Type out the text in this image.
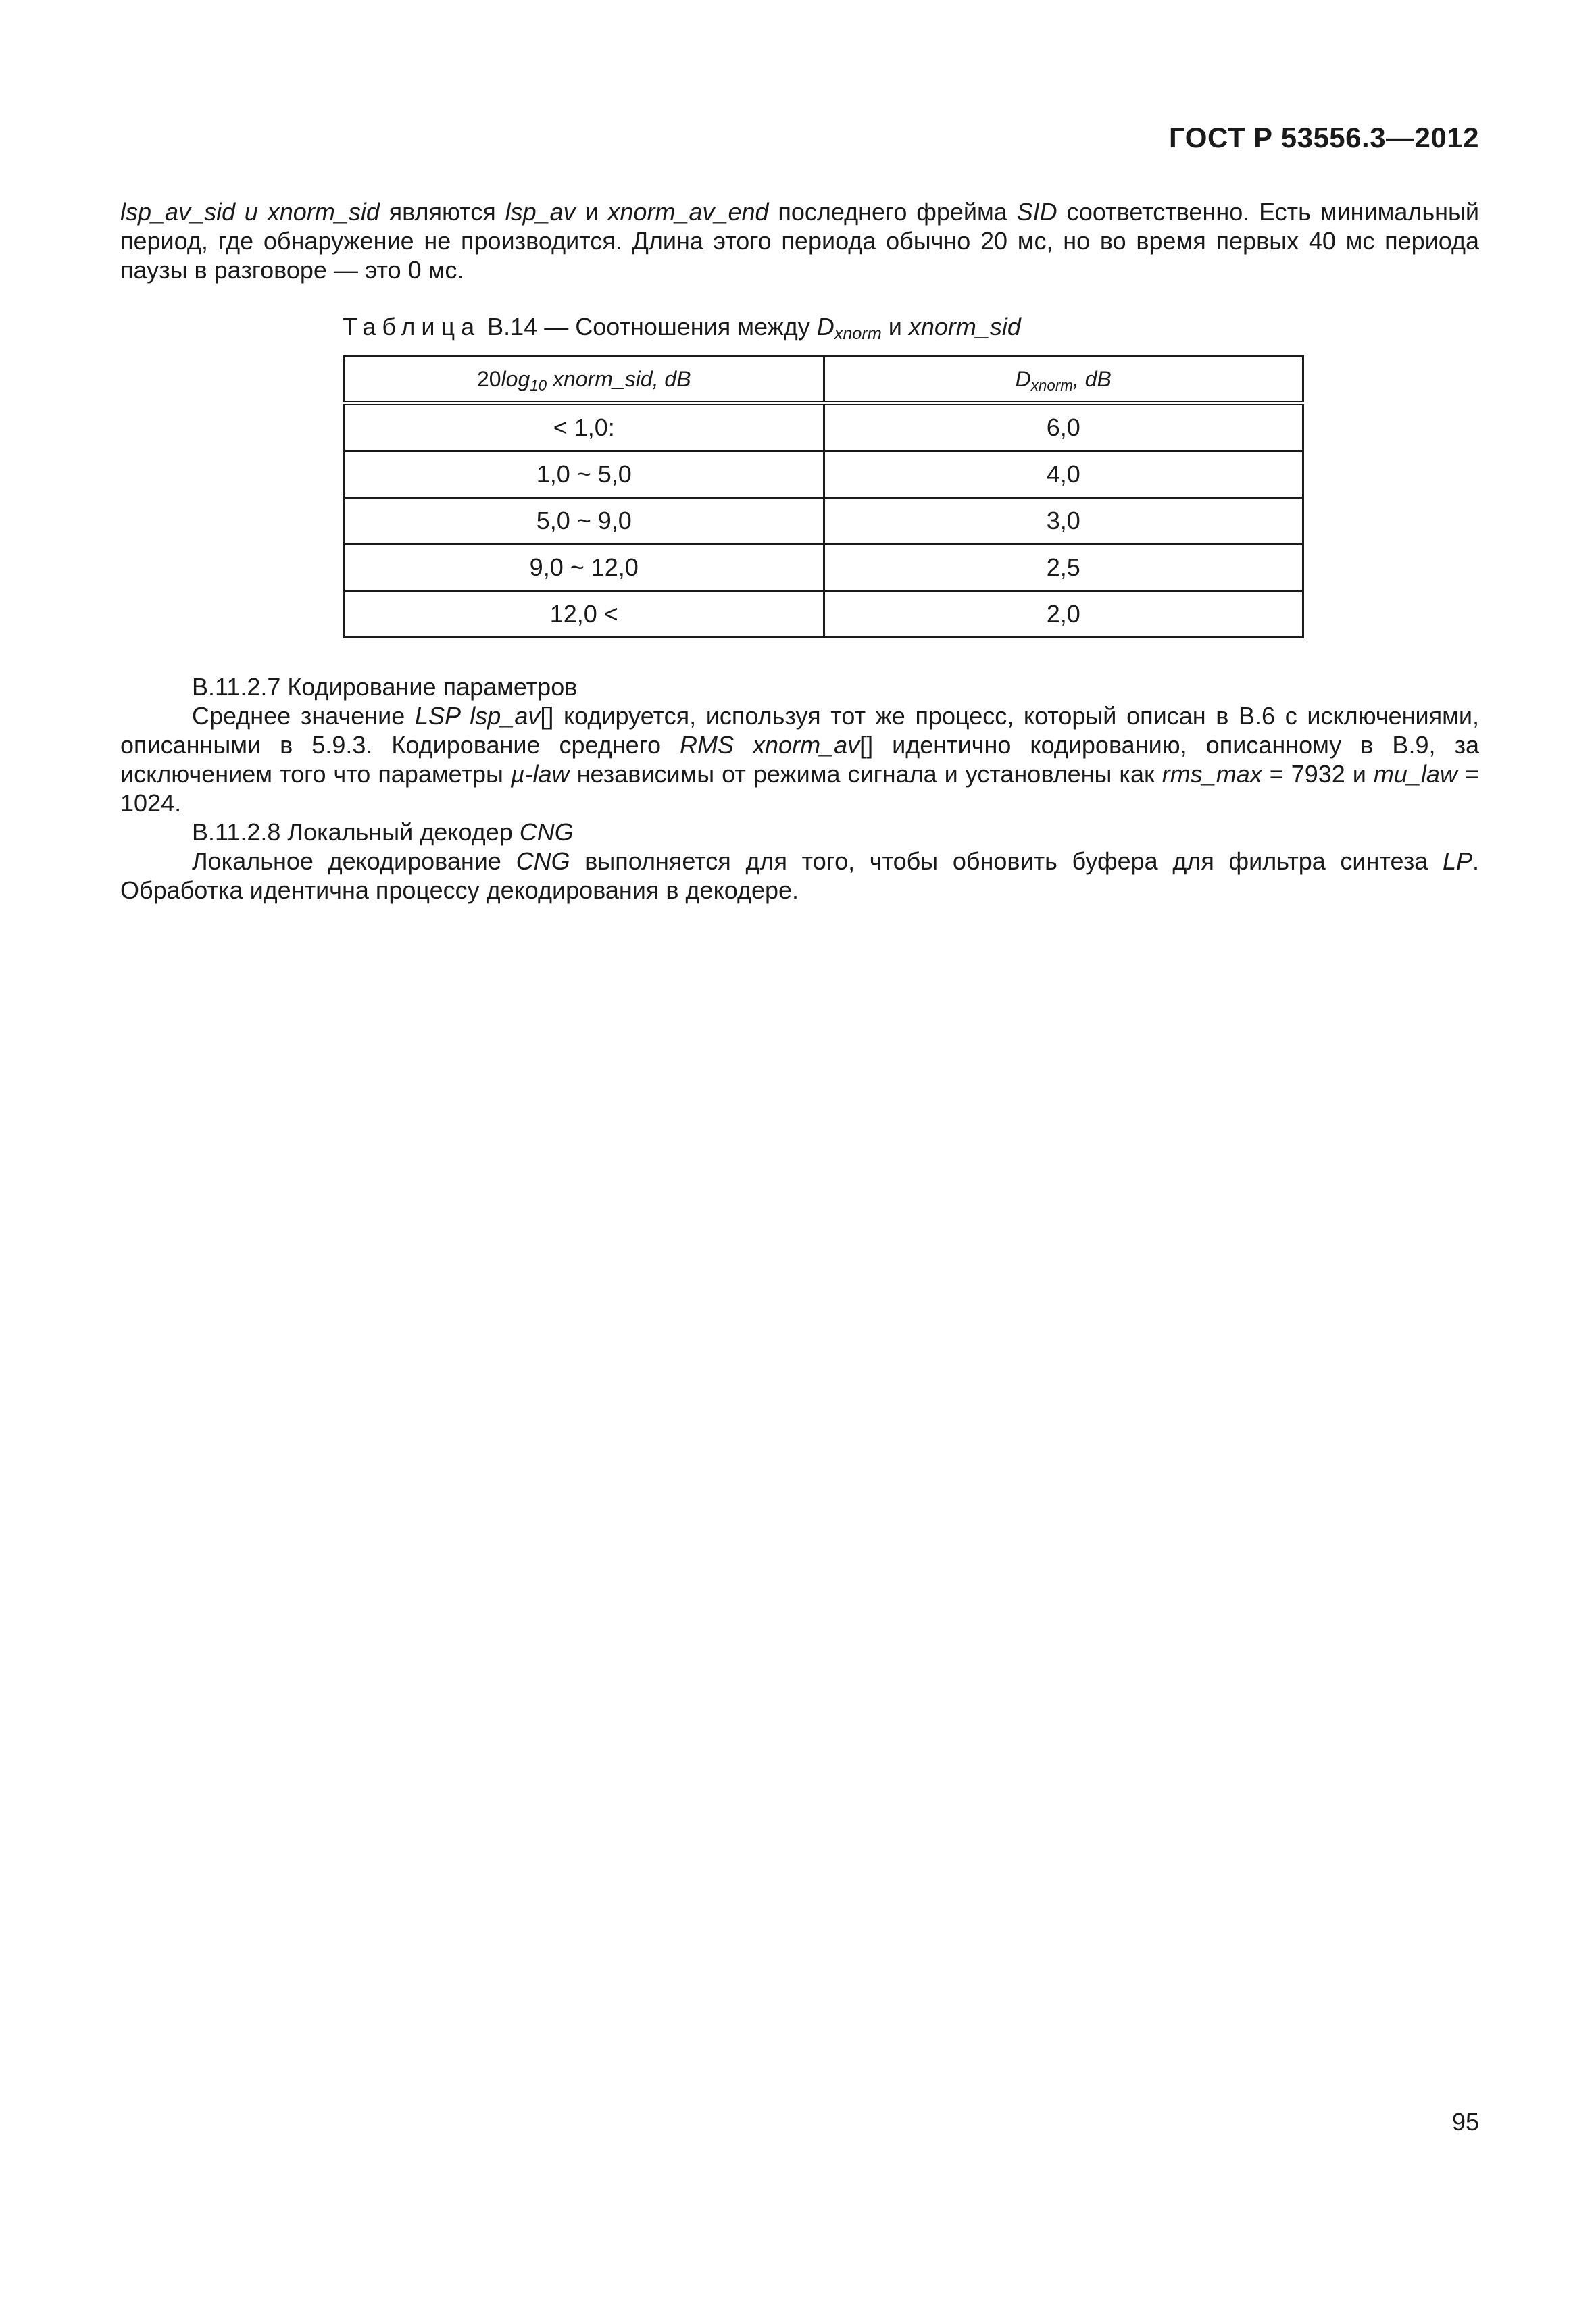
ГОСТ Р 53556.3—2012

lsp_av_sid u xnorm_sid являются lsp_av и xnorm_av_end последнего фрейма SID соответственно. Есть минимальный период, где обнаружение не производится. Длина этого периода обычно 20 мс, но во время первых 40 мс периода паузы в разговоре — это 0 мс.

Таблица В.14 — Соотношения между $D_{xnorm}$ и xnorm_sid
$20\log_{10}$ xnorm_sid, dB	$D_{xnorm}$, dB
< 1,0:	6,0
1,0 ~ 5,0	4,0
5,0 ~ 9,0	3,0
9,0 ~ 12,0	2,5
12,0 <	2,0

В.11.2.7 Кодирование параметров

Среднее значение LSP lsp_av[] кодируется, используя тот же процесс, который описан в В.6 с исключениями, описанными в 5.9.3. Кодирование среднего RMS xnorm_av[] идентично кодированию, описанному в В.9, за исключением того что параметры µ-law независимы от режима сигнала и установлены как rms_max = 7932 и mu_law = 1024.

В.11.2.8 Локальный декодер CNG

Локальное декодирование CNG выполняется для того, чтобы обновить буфера для фильтра синтеза LP. Обработка идентична процессу декодирования в декодере.

95
